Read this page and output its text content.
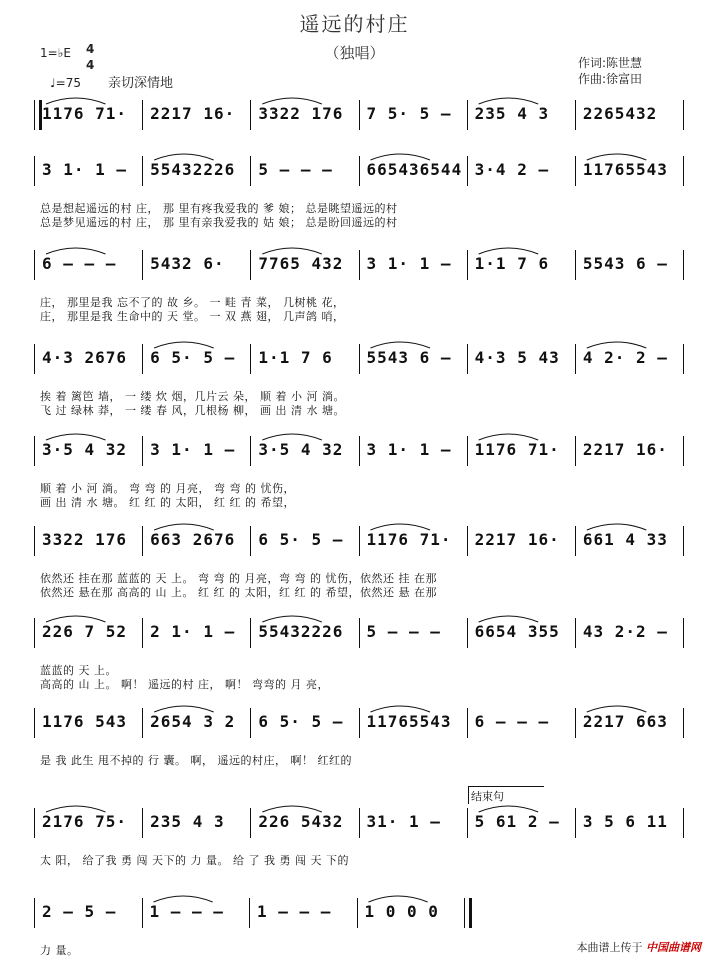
遥远的村庄
（独唱）
1=♭E 4
4
♩=75 亲切深情地
作词:陈世慧
作曲:徐富田
1176 71· 2217 16· 3322 176 7 5· 5 – 235 4 3 2265432
3 1· 1 – 55432226 5 – – – 665436544 3·4 2 – 11765543
总是想起遥远的村 庄， 那 里有疼我爱我的 爹 娘； 总是眺望遥远的村
总是梦见遥远的村 庄， 那 里有亲我爱我的 姑 娘； 总是盼回遥远的村
6 – – – 5432 6· 7765 432 3 1· 1 – 1·1 7 6 5543 6 –
庄， 那里是我 忘不了的 故 乡。 一 畦 青 菜， 几树桃 花，
庄， 那里是我 生命中的 天 堂。 一 双 燕 翅， 几声鸽 哨，
4·3 2676 6 5· 5 – 1·1 7 6 5543 6 – 4·3 5 43 4 2· 2 –
挨 着 篱笆 墙， 一 缕 炊 烟，几片云 朵， 顺 着 小 河 淌。
飞 过 绿林 莽， 一 缕 春 风，几根杨 柳， 画 出 清 水 塘。
3·5 4 32 3 1· 1 – 3·5 4 32 3 1· 1 – 1176 71· 2217 16·
顺 着 小 河 淌。 弯 弯 的 月亮， 弯 弯 的 忧伤，
画 出 清 水 塘。 红 红 的 太阳， 红 红 的 希望，
3322 176 663 2676 6 5· 5 – 1176 71· 2217 16· 661 4 33
依然还 挂在那 蓝蓝的 天 上。 弯 弯 的 月亮，弯 弯 的 忧伤，依然还 挂 在那
依然还 悬在那 高高的 山 上。 红 红 的 太阳，红 红 的 希望，依然还 悬 在那
226 7 52 2 1· 1 – 55432226 5 – – – 6654 355 43 2·2 –
蓝蓝的 天 上。
高高的 山 上。 啊！ 遥远的村 庄， 啊！ 弯弯的 月 亮，
1176 543 2654 3 2 6 5· 5 – 11765543 6 – – – 2217 663
是 我 此生 甩不掉的 行 囊。 啊， 遥远的村庄， 啊！ 红红的
2176 75· 235 4 3 226 5432 31· 1 – 5 61 2 – 3 5 6 11
结束句
太 阳， 给了我 勇 闯 天下的 力 量。 给 了 我 勇 闯 天 下的
2 – 5 – 1 – – – 1 – – – 1 0 0 0
力 量。	本曲谱上传于 中国曲谱网
